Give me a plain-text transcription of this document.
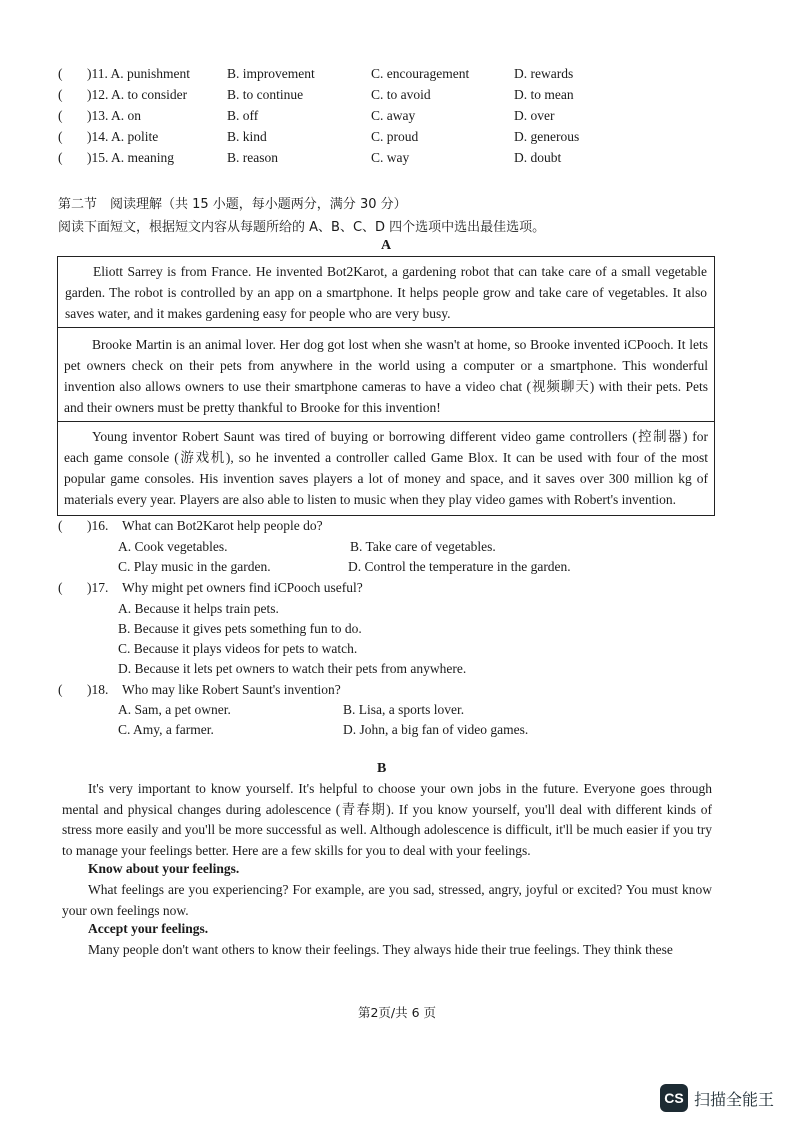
( )11. A. punishment	B. improvement	C. encouragement	D. rewards
( )12. A. to consider	B. to continue	C. to avoid	D. to mean
( )13. A. on	B. off	C. away	D. over
( )14. A. polite	B. kind	C. proud	D. generous
( )15. A. meaning	B. reason	C. way	D. doubt
第二节　阅读理解（共 15 小题，每小题两分，满分 30 分）
阅读下面短文，根据短文内容从每题所给的 A、B、C、D 四个选项中选出最佳选项。
A
Eliott Sarrey is from France. He invented Bot2Karot, a gardening robot that can take care of a small vegetable garden. The robot is controlled by an app on a smartphone. It helps people grow and take care of vegetables. It also saves water, and it makes gardening easy for people who are very busy.
Brooke Martin is an animal lover. Her dog got lost when she wasn't at home, so Brooke invented iCPooch. It lets pet owners check on their pets from anywhere in the world using a computer or a smartphone. This wonderful invention also allows owners to use their smartphone cameras to have a video chat (视频聊天) with their pets. Pets and their owners must be pretty thankful to Brooke for this invention!
Young inventor Robert Saunt was tired of buying or borrowing different video game controllers (控制器) for each game console (游戏机), so he invented a controller called Game Blox. It can be used with four of the most popular game consoles. His invention saves players a lot of money and space, and it saves over 300 million kg of materials every year. Players are also able to listen to music when they play video games with Robert's invention.
( )16. What can Bot2Karot help people do?
A. Cook vegetables.	B. Take care of vegetables.
C. Play music in the garden.	D. Control the temperature in the garden.
( )17. Why might pet owners find iCPooch useful?
A. Because it helps train pets.
B. Because it gives pets something fun to do.
C. Because it plays videos for pets to watch.
D. Because it lets pet owners to watch their pets from anywhere.
( )18. Who may like Robert Saunt's invention?
A. Sam, a pet owner.	B. Lisa, a sports lover.
C. Amy, a farmer.	D. John, a big fan of video games.
B
It's very important to know yourself. It's helpful to choose your own jobs in the future. Everyone goes through mental and physical changes during adolescence (青春期). If you know yourself, you'll deal with different kinds of stress more easily and you'll be more successful as well. Although adolescence is difficult, it'll be much easier if you try to manage your feelings better. Here are a few skills for you to deal with your feelings.
Know about your feelings.
What feelings are you experiencing? For example, are you sad, stressed, angry, joyful or excited? You must know your own feelings now.
Accept your feelings.
Many people don't want others to know their feelings. They always hide their true feelings. They think these
第2页/共 6 页
CS 扫描全能王
